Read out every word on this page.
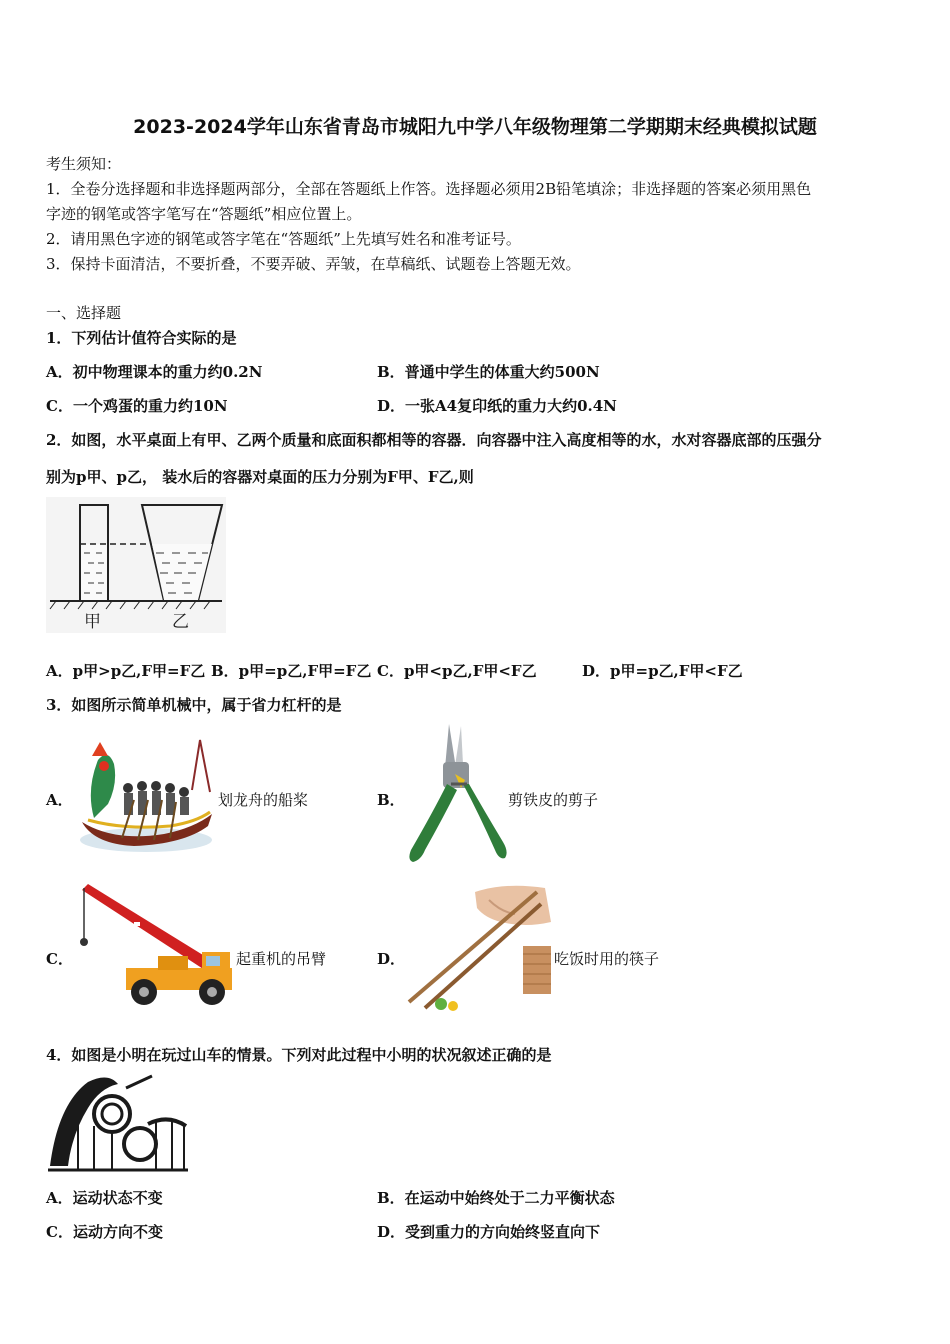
2023-2024学年山东省青岛市城阳九中学八年级物理第二学期期末经典模拟试题
考生须知：
1．全卷分选择题和非选择题两部分，全部在答题纸上作答。选择题必须用2B铅笔填涂；非选择题的答案必须用黑色
字迹的钢笔或答字笔写在“答题纸”相应位置上。
2．请用黑色字迹的钢笔或答字笔在“答题纸”上先填写姓名和准考证号。
3．保持卡面清洁，不要折叠，不要弄破、弄皱，在草稿纸、试题卷上答题无效。
一、选择题
1．下列估计值符合实际的是
A．初中物理课本的重力约0.2N	B．普通中学生的体重大约500N
C．一个鸡蛋的重力约10N	D．一张A4复印纸的重力大约0.4N
2．如图，水平桌面上有甲、乙两个质量和底面积都相等的容器．向容器中注入高度相等的水，水对容器底部的压强分
别为p甲、p乙， 装水后的容器对桌面的压力分别为F甲、F乙,则
甲	乙
A．p甲>p乙,F甲=F乙 B．p甲=p乙,F甲=F乙 C．p甲<p乙,F甲<F乙	D．p甲=p乙,F甲<F乙
3．如图所示简单机械中，属于省力杠杆的是
A．	划龙舟的船桨	B．	剪铁皮的剪子
C．	起重机的吊臂	D．	吃饭时用的筷子
4．如图是小明在玩过山车的情景。下列对此过程中小明的状况叙述正确的是
A．运动状态不变	B．在运动中始终处于二力平衡状态
C．运动方向不变	D．受到重力的方向始终竖直向下
